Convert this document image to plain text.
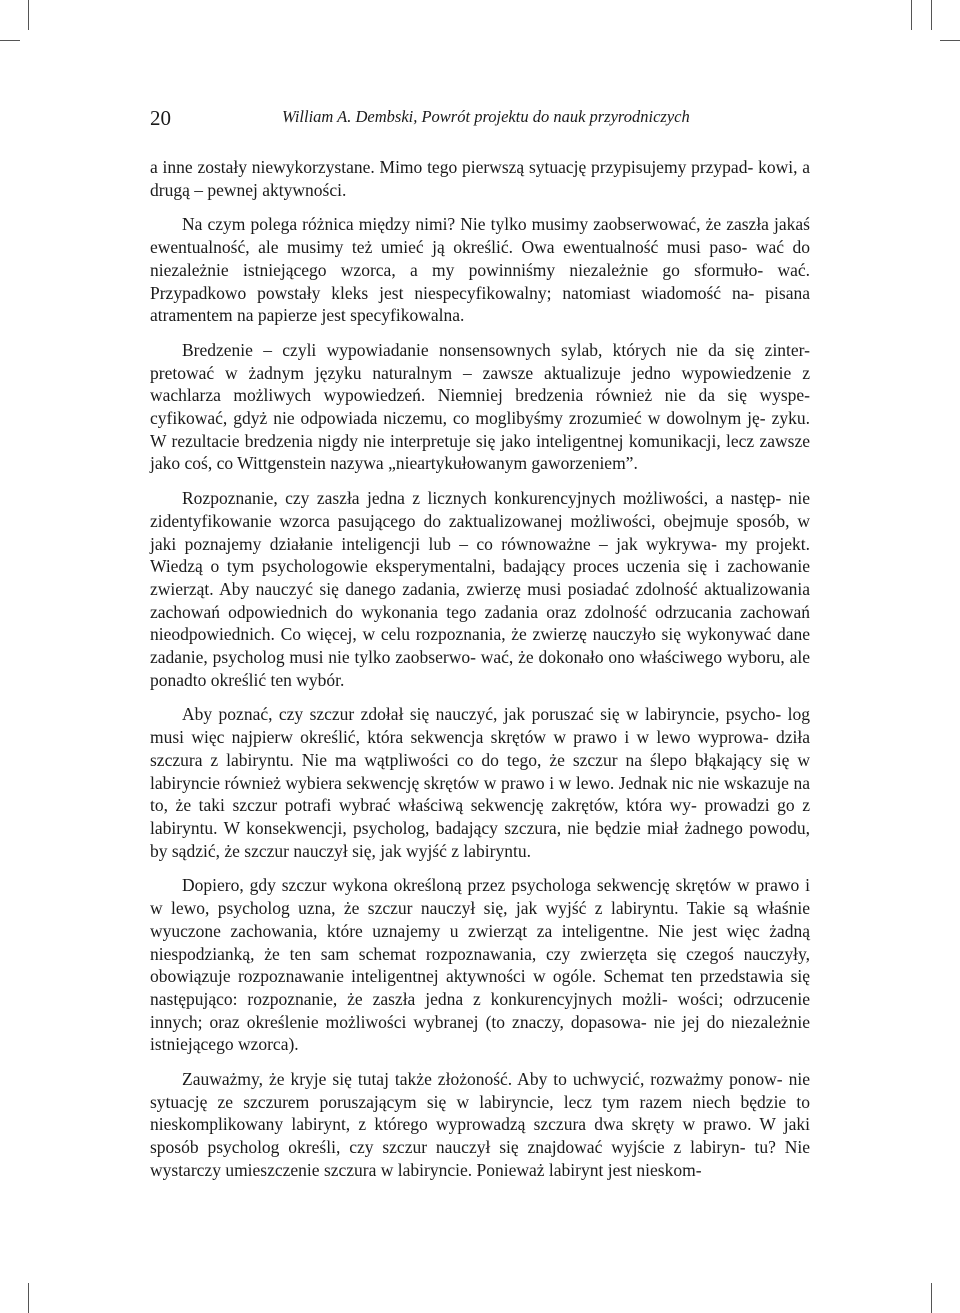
20	William A. Dembski, Powrót projektu do nauk przyrodniczych

a inne zostały niewykorzystane. Mimo tego pierwszą sytuację przypisujemy przypad- kowi, a drugą – pewnej aktywności.

Na czym polega różnica między nimi? Nie tylko musimy zaobserwować, że zaszła jakaś ewentualność, ale musimy też umieć ją określić. Owa ewentualność musi paso- wać do niezależnie istniejącego wzorca, a my powinniśmy niezależnie go sformuło- wać. Przypadkowo powstały kleks jest niespecyfikowalny; natomiast wiadomość na- pisana atramentem na papierze jest specyfikowalna.

Bredzenie – czyli wypowiadanie nonsensownych sylab, których nie da się zinter- pretować w żadnym języku naturalnym – zawsze aktualizuje jedno wypowiedzenie z wachlarza możliwych wypowiedzeń. Niemniej bredzenia również nie da się wyspe- cyfikować, gdyż nie odpowiada niczemu, co moglibyśmy zrozumieć w dowolnym ję- zyku. W rezultacie bredzenia nigdy nie interpretuje się jako inteligentnej komunikacji, lecz zawsze jako coś, co Wittgenstein nazywa „nieartykułowanym gaworzeniem”.

Rozpoznanie, czy zaszła jedna z licznych konkurencyjnych możliwości, a następ- nie zidentyfikowanie wzorca pasującego do zaktualizowanej możliwości, obejmuje sposób, w jaki poznajemy działanie inteligencji lub – co równoważne – jak wykrywa- my projekt. Wiedzą o tym psychologowie eksperymentalni, badający proces uczenia się i zachowanie zwierząt. Aby nauczyć się danego zadania, zwierzę musi posiadać zdolność aktualizowania zachowań odpowiednich do wykonania tego zadania oraz zdolność odrzucania zachowań nieodpowiednich. Co więcej, w celu rozpoznania, że zwierzę nauczyło się wykonywać dane zadanie, psycholog musi nie tylko zaobserwo- wać, że dokonało ono właściwego wyboru, ale ponadto określić ten wybór.

Aby poznać, czy szczur zdołał się nauczyć, jak poruszać się w labiryncie, psycho- log musi więc najpierw określić, która sekwencja skrętów w prawo i w lewo wyprowa- dziła szczura z labiryntu. Nie ma wątpliwości co do tego, że szczur na ślepo błąkający się w labiryncie również wybiera sekwencję skrętów w prawo i w lewo. Jednak nic nie wskazuje na to, że taki szczur potrafi wybrać właściwą sekwencję zakrętów, która wy- prowadzi go z labiryntu. W konsekwencji, psycholog, badający szczura, nie będzie miał żadnego powodu, by sądzić, że szczur nauczył się, jak wyjść z labiryntu.

Dopiero, gdy szczur wykona określoną przez psychologa sekwencję skrętów w prawo i w lewo, psycholog uzna, że szczur nauczył się, jak wyjść z labiryntu. Takie są właśnie wyuczone zachowania, które uznajemy u zwierząt za inteligentne. Nie jest więc żadną niespodzianką, że ten sam schemat rozpoznawania, czy zwierzęta się czegoś nauczyły, obowiązuje rozpoznawanie inteligentnej aktywności w ogóle. Schemat ten przedstawia się następująco: rozpoznanie, że zaszła jedna z konkurencyjnych możli- wości; odrzucenie innych; oraz określenie możliwości wybranej (to znaczy, dopasowa- nie jej do niezależnie istniejącego wzorca).

Zauważmy, że kryje się tutaj także złożoność. Aby to uchwycić, rozważmy ponow- nie sytuację ze szczurem poruszającym się w labiryncie, lecz tym razem niech będzie to nieskomplikowany labirynt, z którego wyprowadzą szczura dwa skręty w prawo. W jaki sposób psycholog określi, czy szczur nauczył się znajdować wyjście z labiryn- tu? Nie wystarczy umieszczenie szczura w labiryncie. Ponieważ labirynt jest nieskom-
